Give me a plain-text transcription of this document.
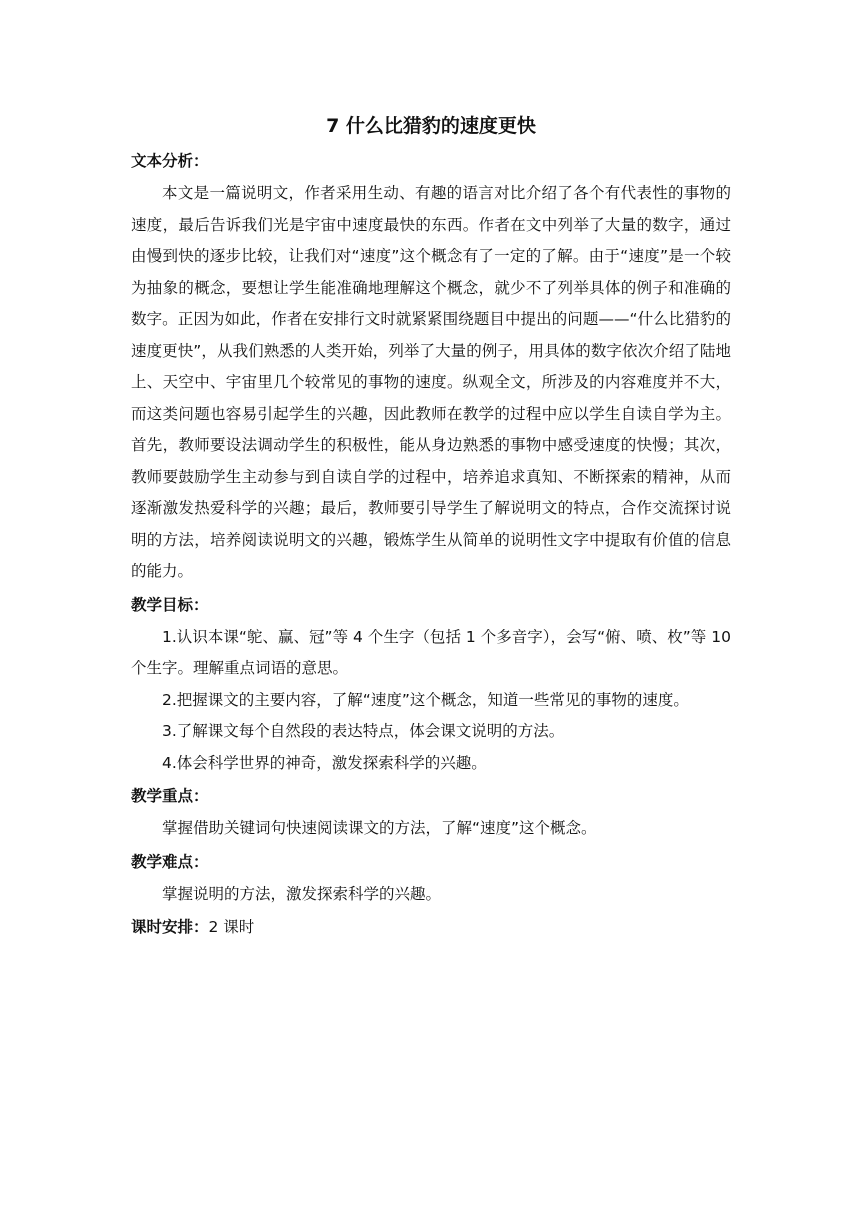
7 什么比猎豹的速度更快
文本分析：

本文是一篇说明文，作者采用生动、有趣的语言对比介绍了各个有代表性的事物的速度，最后告诉我们光是宇宙中速度最快的东西。作者在文中列举了大量的数字，通过由慢到快的逐步比较，让我们对“速度”这个概念有了一定的了解。由于“速度”是一个较为抽象的概念，要想让学生能准确地理解这个概念，就少不了列举具体的例子和准确的数字。正因为如此，作者在安排行文时就紧紧围绕题目中提出的问题——“什么比猎豹的速度更快”，从我们熟悉的人类开始，列举了大量的例子，用具体的数字依次介绍了陆地上、天空中、宇宙里几个较常见的事物的速度。纵观全文，所涉及的内容难度并不大，而这类问题也容易引起学生的兴趣，因此教师在教学的过程中应以学生自读自学为主。首先，教师要设法调动学生的积极性，能从身边熟悉的事物中感受速度的快慢；其次，教师要鼓励学生主动参与到自读自学的过程中，培养追求真知、不断探索的精神，从而逐渐激发热爱科学的兴趣；最后，教师要引导学生了解说明文的特点，合作交流探讨说明的方法，培养阅读说明文的兴趣，锻炼学生从简单的说明性文字中提取有价值的信息的能力。

教学目标：

1.认识本课“鸵、赢、冠”等 4 个生字（包括 1 个多音字），会写“俯、喷、枚”等 10 个生字。理解重点词语的意思。

2.把握课文的主要内容，了解“速度”这个概念，知道一些常见的事物的速度。

3.了解课文每个自然段的表达特点，体会课文说明的方法。

4.体会科学世界的神奇，激发探索科学的兴趣。

教学重点：

掌握借助关键词句快速阅读课文的方法，了解“速度”这个概念。

教学难点：

掌握说明的方法，激发探索科学的兴趣。

课时安排：2 课时
